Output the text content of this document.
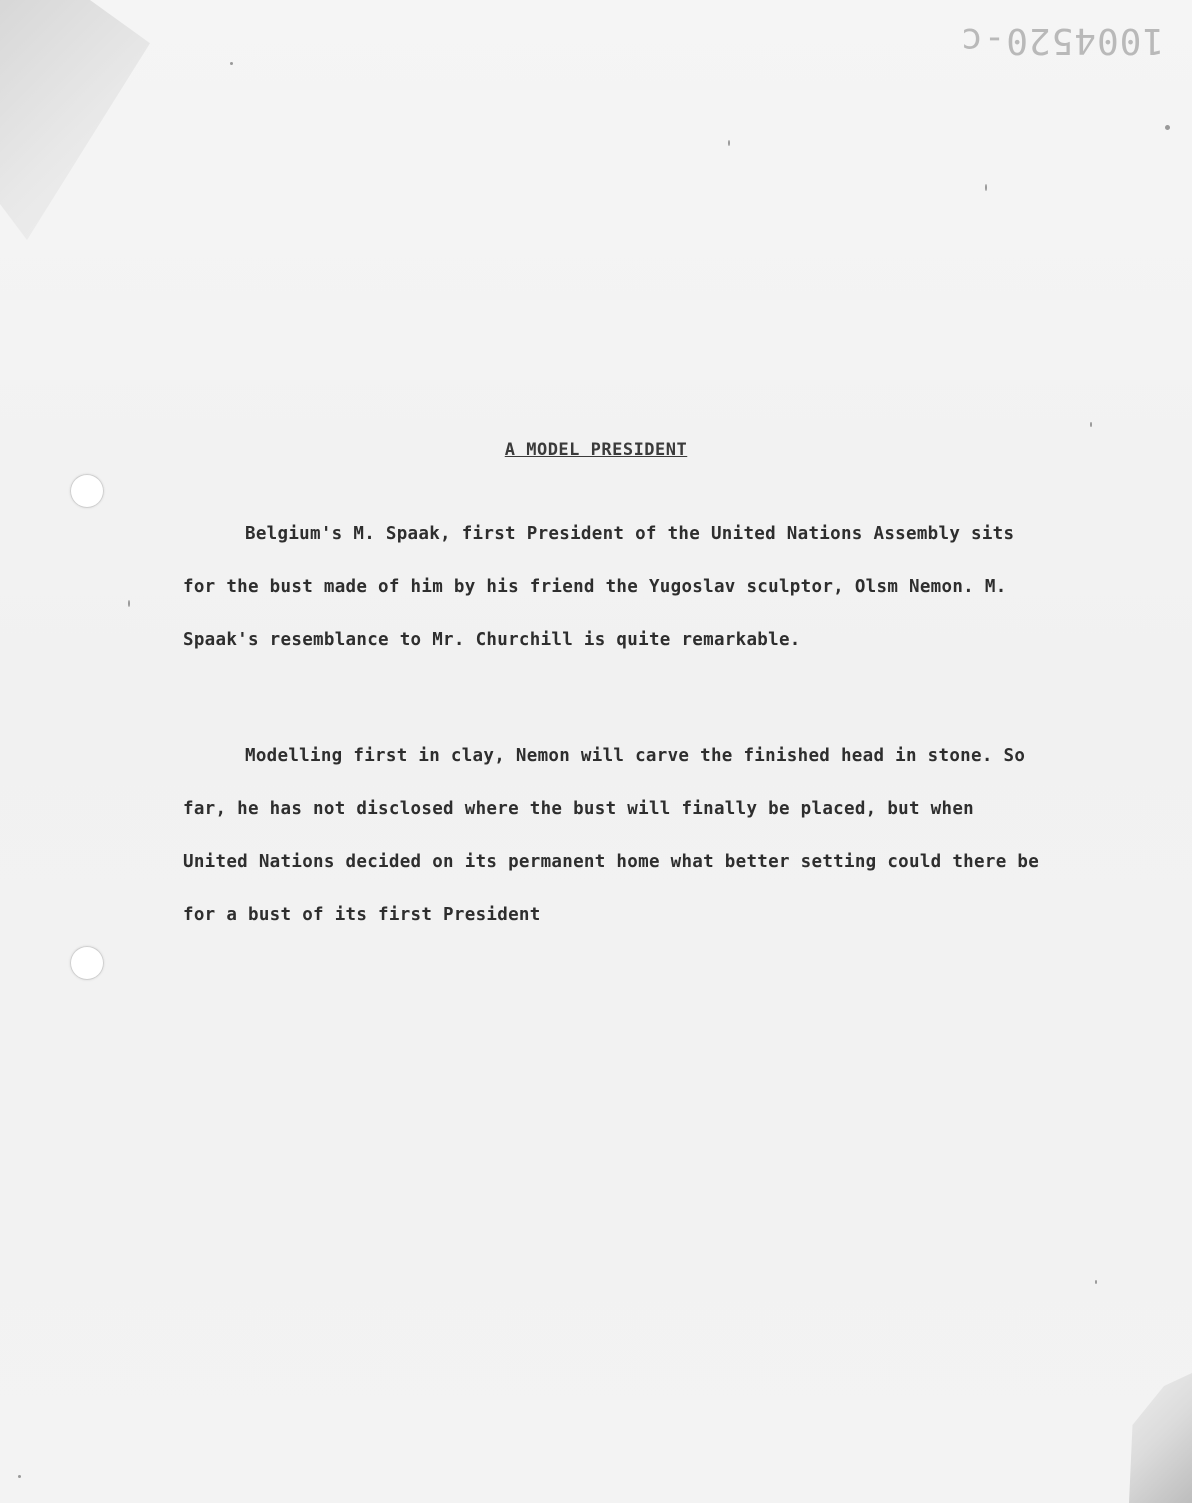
1004520-c
A MODEL PRESIDENT
Belgium's M. Spaak, first President of the United Nations Assembly sits for the bust made of him by his friend the Yugoslav sculptor, Olsm Nemon. M. Spaak's resemblance to Mr. Churchill is quite remarkable.
Modelling first in clay, Nemon will carve the finished head in stone. So far, he has not disclosed where the bust will finally be placed, but when United Nations decided on its permanent home what better setting could there be for a bust of its first President
